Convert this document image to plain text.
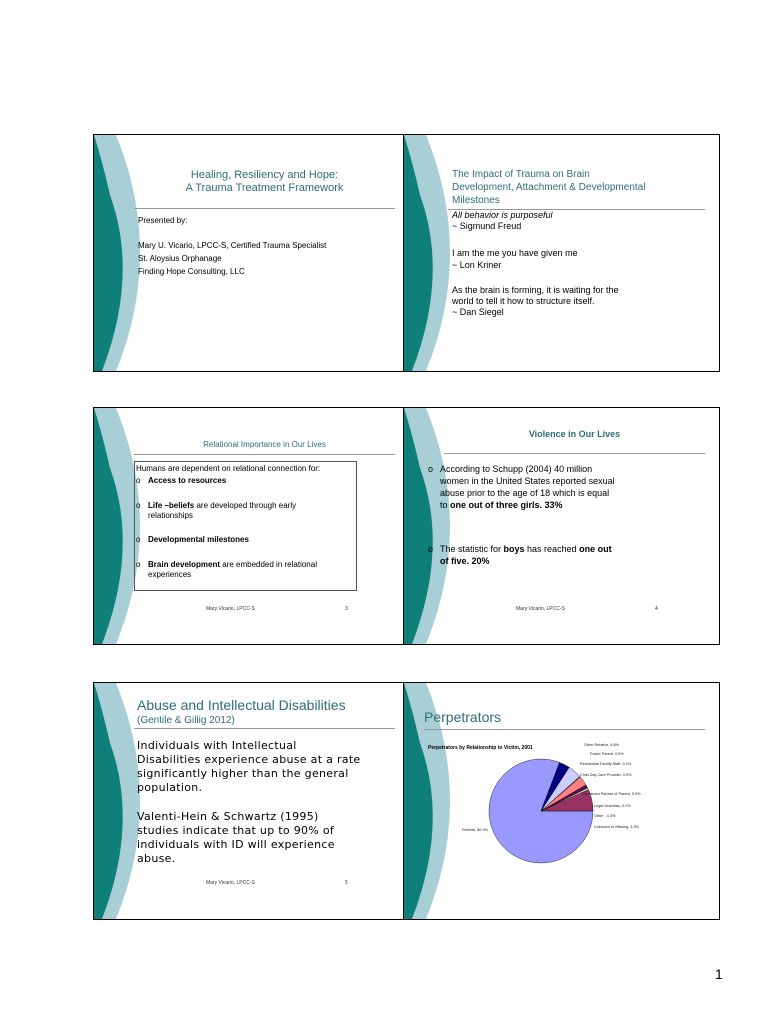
Healing, Resiliency and Hope:
A Trauma Treatment Framework
Presented by:
Mary U. Vicario, LPCC-S, Certified Trauma Specialist
St. Aloysius Orphanage
Finding Hope Consulting, LLC
The Impact of Trauma on Brain
Development, Attachment & Developmental
Milestones
All behavior is purposeful
~ Sigmund Freud
I am the me you have given me
~ Lon Kriner
As the brain is forming, it is waiting for the
world to tell it how to structure itself.
~ Dan Siegel
Relational Importance in Our Lives
Humans are dependent on relational connection for:
o Access to resources
o Life –beliefs are developed through early
relationships
o Developmental milestones
o Brain development are embedded in relational
experiences
Mary Vicario, LPCC-S	3
Violence in Our Lives
o According to Schupp (2004) 40 million
women in the United States reported sexual
abuse prior to the age of 18 which is equal
to one out of three girls. 33%
o The statistic for boys has reached one out
of five. 20%
Mary Vicario, LPCC-S	4
Abuse and Intellectual Disabilities
(Gentile & Gillig 2012)
Individuals with Intellectual
Disabilities experience abuse at a rate
significantly higher than the general
population.
Valenti-Hein & Schwartz (1995)
studies indicate that up to 90% of
individuals with ID will experience
abuse.
Mary Vicario, LPCC-S	5
Perpetrators
Perpetrators by Relationship to Victim, 2001
Parents, 80.9%
Other Relative, 6.8%
Foster Parent, 0.5%
Residential Facility Staff, 0.2%
Child Day Care Provider, 0.9%
Unmarried Partner of Parent, 3.0%
Legal Guardian, 0.2%
Other , 4.3%
Unknown or Missing, 3.3%
1
